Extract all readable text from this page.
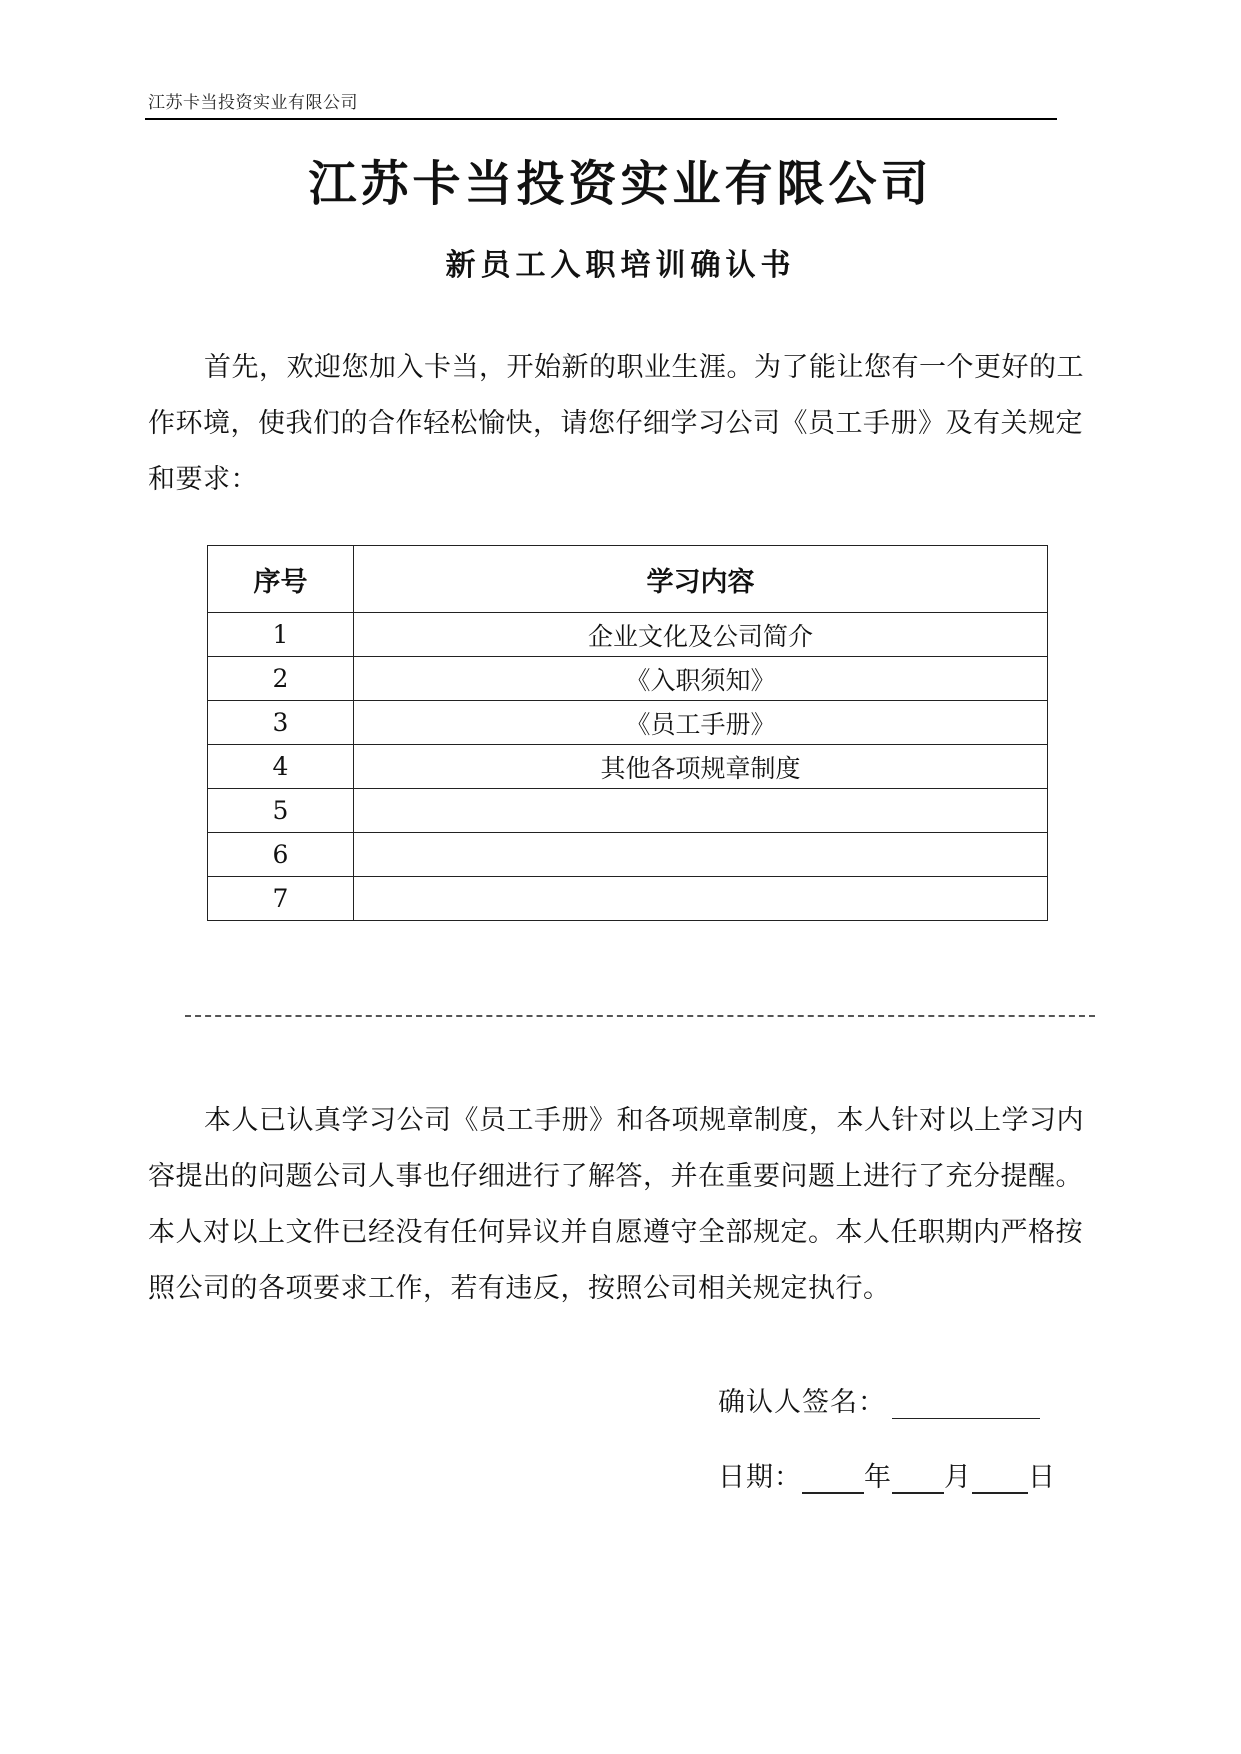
江苏卡当投资实业有限公司
江苏卡当投资实业有限公司
新员工入职培训确认书

首先，欢迎您加入卡当，开始新的职业生涯。为了能让您有一个更好的工作环境，使我们的合作轻松愉快，请您仔细学习公司《员工手册》及有关规定和要求：

序号	学习内容
1	企业文化及公司简介
2	《入职须知》
3	《员工手册》
4	其他各项规章制度
5	
6	
7	

本人已认真学习公司《员工手册》和各项规章制度，本人针对以上学习内容提出的问题公司人事也仔细进行了解答，并在重要问题上进行了充分提醒。本人对以上文件已经没有任何异议并自愿遵守全部规定。本人任职期内严格按照公司的各项要求工作，若有违反，按照公司相关规定执行。

确认人签名：
日期： 年 月 日
